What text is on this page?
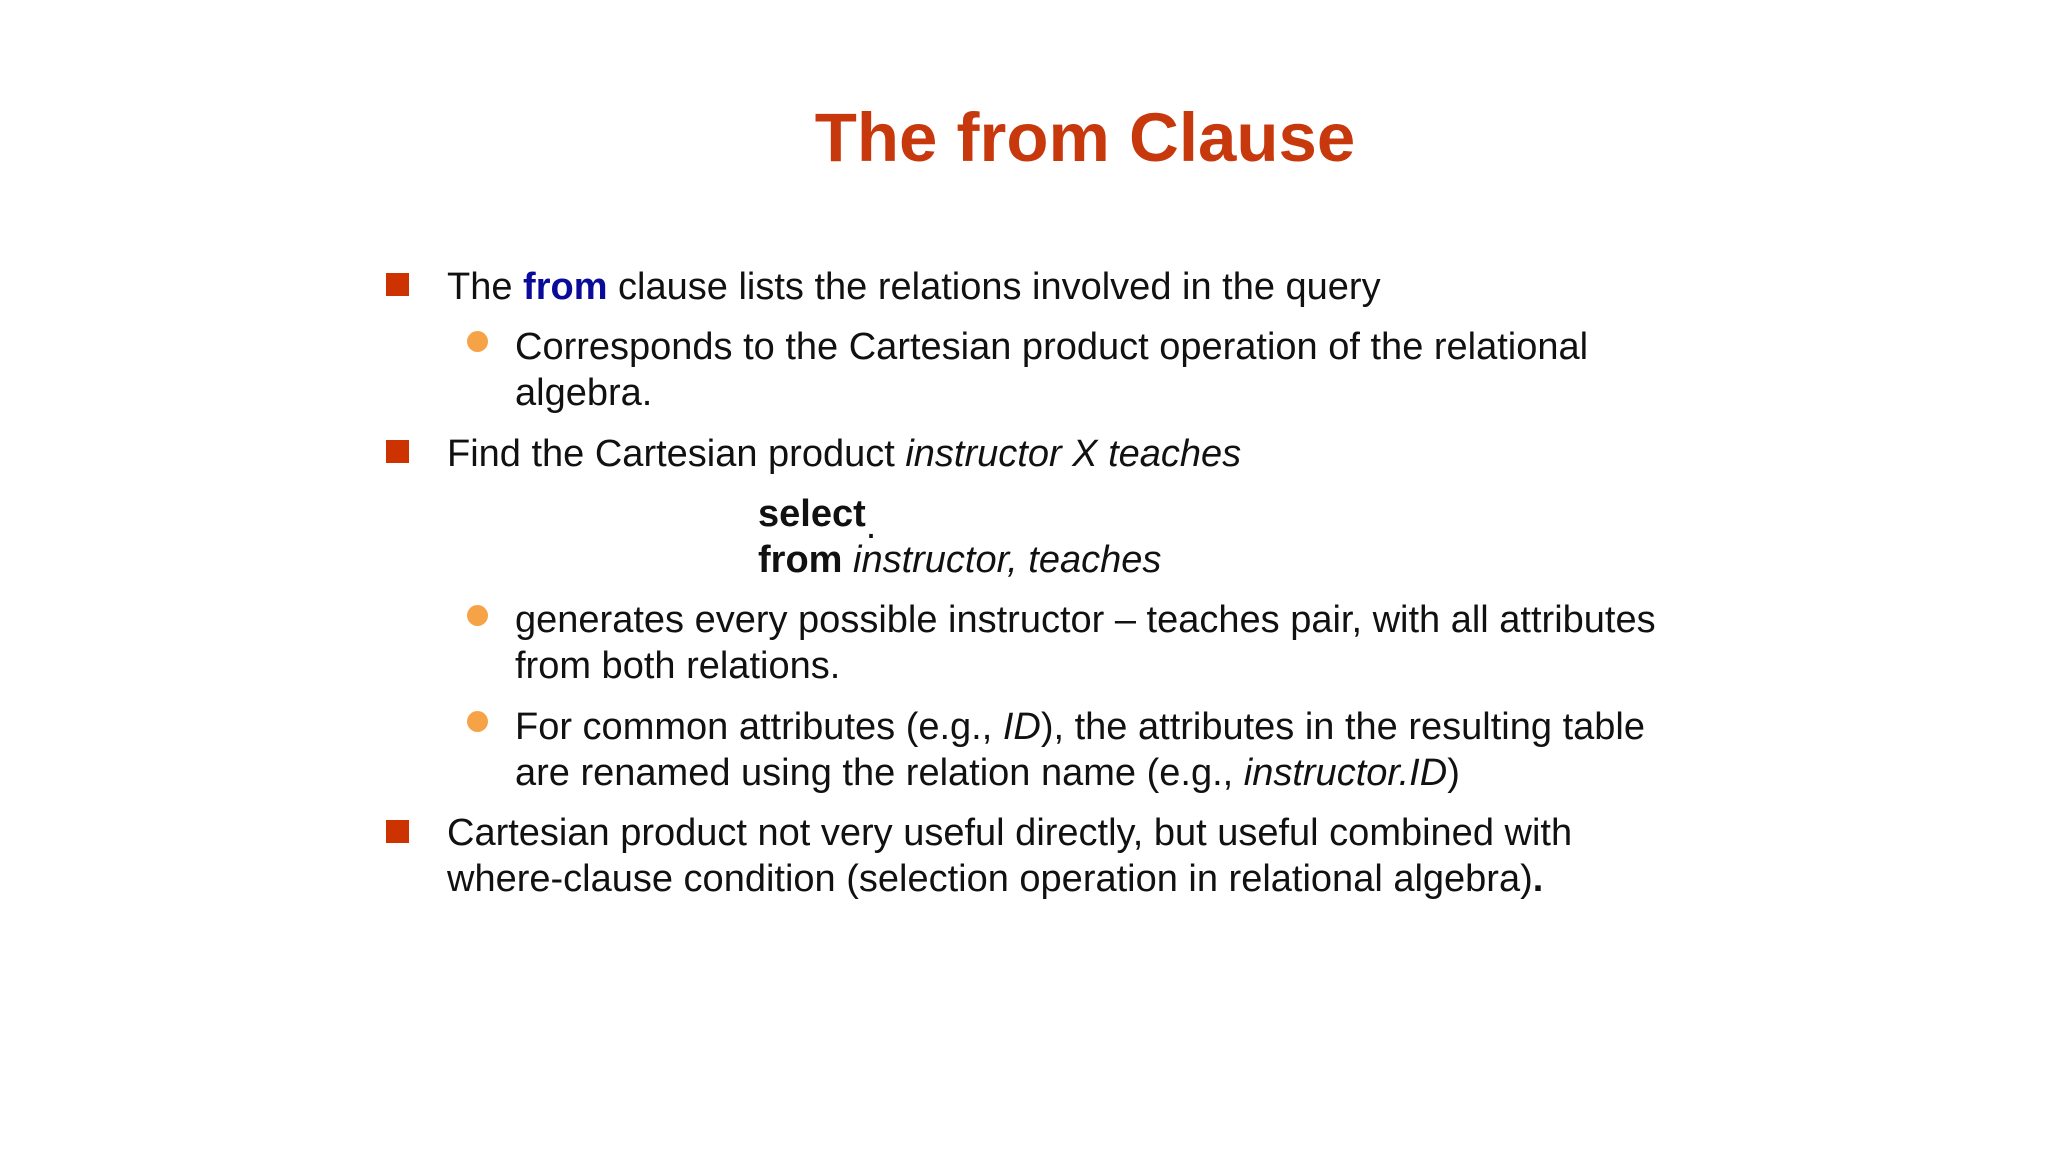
The from Clause
The from clause lists the relations involved in the query
Corresponds to the Cartesian product operation of the relational
algebra.
Find the Cartesian product instructor X teaches
select.
from instructor, teaches
generates every possible instructor – teaches pair, with all attributes
from both relations.
For common attributes (e.g., ID), the attributes in the resulting table
are renamed using the relation name (e.g., instructor.ID)
Cartesian product not very useful directly, but useful combined with
where-clause condition (selection operation in relational algebra).
